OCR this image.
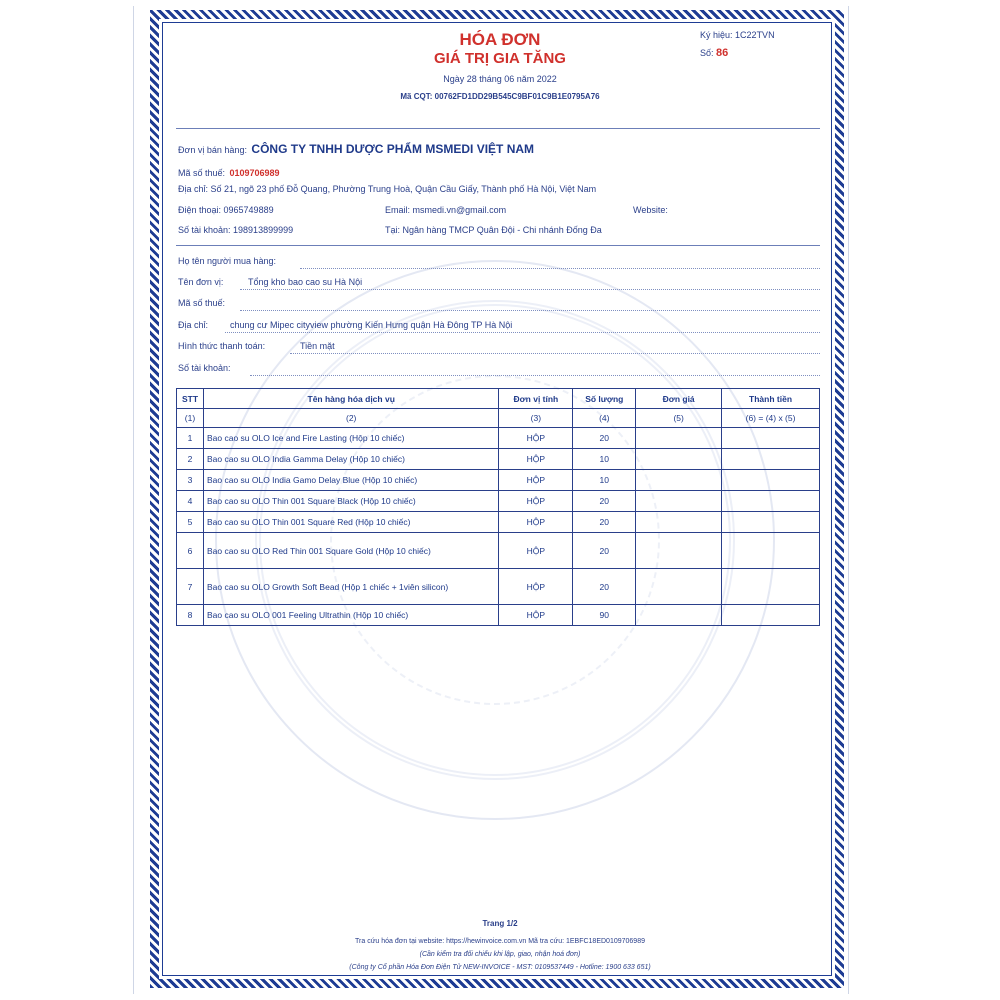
HÓA ĐƠN
GIÁ TRỊ GIA TĂNG
Ngày 28 tháng 06 năm 2022
Mã CQT: 00762FD1DD29B545C9BF01C9B1E0795A76
Ký hiệu: 1C22TVN
Số: 86
Đơn vị bán hàng: CÔNG TY TNHH DƯỢC PHẨM MSMEDI VIỆT NAM
Mã số thuế: 0109706989
Địa chỉ: Số 21, ngõ 23 phố Đỗ Quang, Phường Trung Hoà, Quận Cầu Giấy, Thành phố Hà Nội, Việt Nam
Điện thoại: 0965749889	Email: msmedi.vn@gmail.com	Website:
Số tài khoản: 198913899999	Tại: Ngân hàng TMCP Quân Đội - Chi nhánh Đống Đa
Họ tên người mua hàng:
Tên đơn vị:	Tổng kho bao cao su Hà Nội
Mã số thuế:
Địa chỉ: chung cư Mipec cityview phường Kiến Hưng quận Hà Đông TP Hà Nội
Hình thức thanh toán:	Tiền mặt
Số tài khoản:
STT	Tên hàng hóa dịch vụ	Đơn vị tính	Số lượng	Đơn giá	Thành tiền
(1)	(2)	(3)	(4)	(5)	(6) = (4) x (5)
1	Bao cao su OLO Ice and Fire Lasting (Hộp 10 chiếc)	HỘP	20		
2	Bao cao su OLO India Gamma Delay (Hộp 10 chiếc)	HỘP	10		
3	Bao cao su OLO India Gamo Delay Blue (Hộp 10 chiếc)	HỘP	10		
4	Bao cao su OLO Thin 001 Square Black (Hộp 10 chiếc)	HỘP	20		
5	Bao cao su OLO Thin 001 Square Red (Hộp 10 chiếc)	HỘP	20		
6	Bao cao su OLO Red Thin 001 Square Gold (Hộp 10 chiếc)	HỘP	20		
7	Bao cao su OLO Growth Soft Bead (Hộp 1 chiếc + 1viên silicon)	HỘP	20		
8	Bao cao su OLO 001 Feeling Ultrathin (Hộp 10 chiếc)	HỘP	90		
Trang 1/2
Tra cứu hóa đơn tại website: https://hewinvoice.com.vn Mã tra cứu: 1EBFC18ED0109706989
(Cần kiểm tra đối chiếu khi lập, giao, nhận hoá đơn)
(Công ty Cổ phần Hóa Đơn Điện Tử NEW-INVOICE - MST: 0109537449 - Hotline: 1900 633 651)
